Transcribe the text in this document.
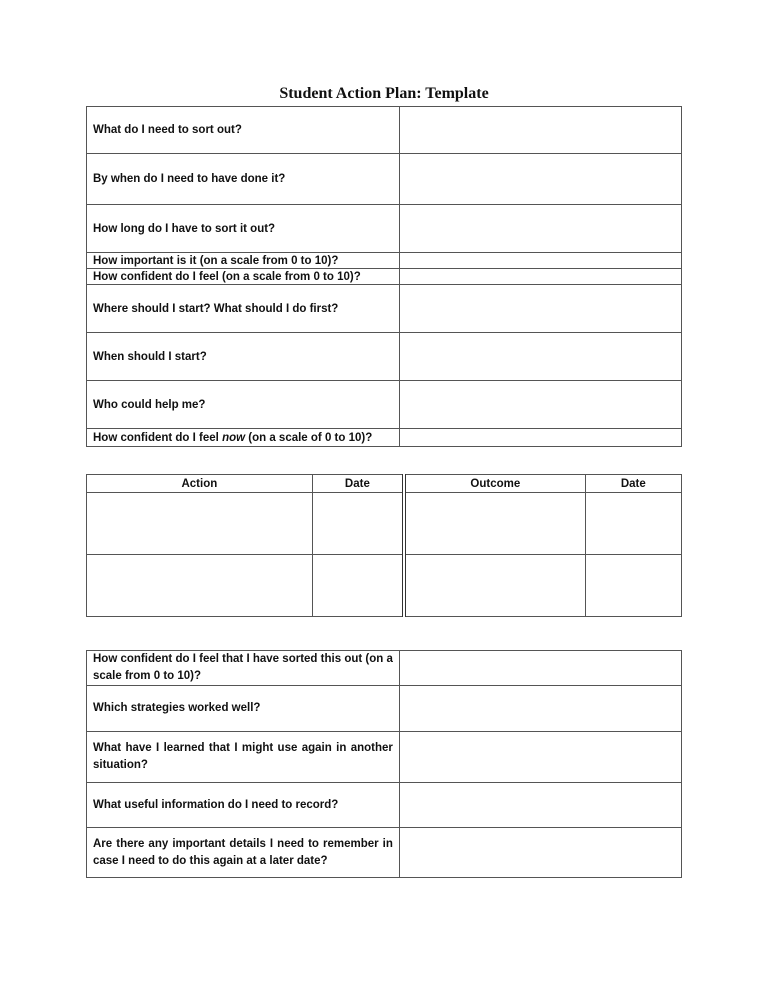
Student Action Plan: Template
What do I need to sort out?	
By when do I need to have done it?	
How long do I have to sort it out?	
How important is it (on a scale from 0 to 10)?	
How confident do I feel (on a scale from 0 to 10)?	
Where should I start? What should I do first?	
When should I start?	
Who could help me?	
How confident do I feel now (on a scale of 0 to 10)?	
Action	Date	Outcome	Date

How confident do I feel that I have sorted this out (on a scale from 0 to 10)?	
Which strategies worked well?	
What have I learned that I might use again in another situation?	
What useful information do I need to record?	
Are there any important details I need to remember in case I need to do this again at a later date?	
